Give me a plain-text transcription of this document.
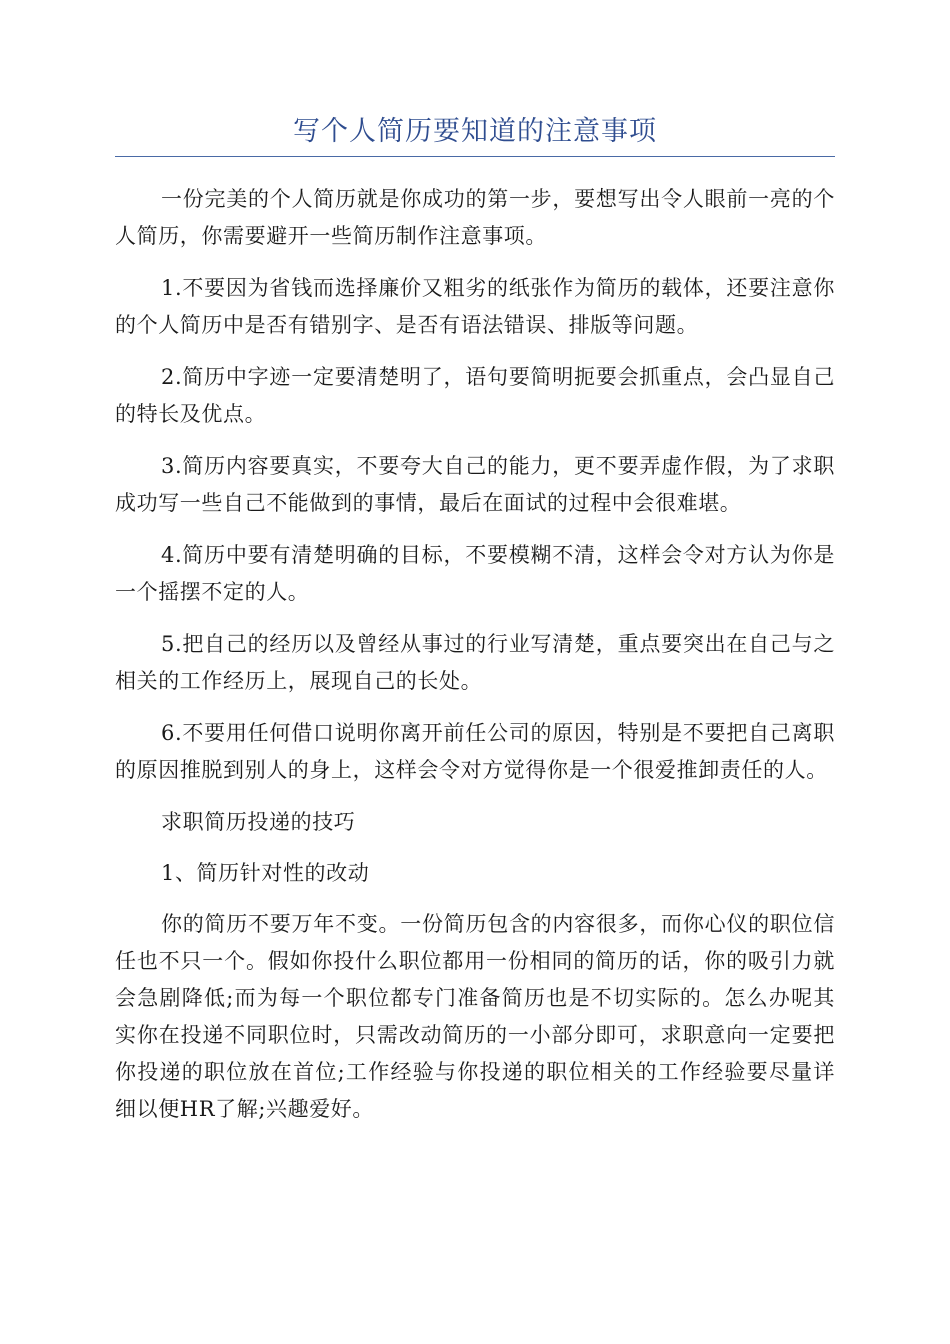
写个人简历要知道的注意事项

一份完美的个人简历就是你成功的第一步，要想写出令人眼前一亮的个人简历，你需要避开一些简历制作注意事项。

1.不要因为省钱而选择廉价又粗劣的纸张作为简历的载体，还要注意你的个人简历中是否有错别字、是否有语法错误、排版等问题。

2.简历中字迹一定要清楚明了，语句要简明扼要会抓重点，会凸显自己的特长及优点。

3.简历内容要真实，不要夸大自己的能力，更不要弄虚作假，为了求职成功写一些自己不能做到的事情，最后在面试的过程中会很难堪。

4.简历中要有清楚明确的目标，不要模糊不清，这样会令对方认为你是一个摇摆不定的人。

5.把自己的经历以及曾经从事过的行业写清楚，重点要突出在自己与之相关的工作经历上，展现自己的长处。

6.不要用任何借口说明你离开前任公司的原因，特别是不要把自己离职的原因推脱到别人的身上，这样会令对方觉得你是一个很爱推卸责任的人。

求职简历投递的技巧

1、简历针对性的改动

你的简历不要万年不变。一份简历包含的内容很多，而你心仪的职位信任也不只一个。假如你投什么职位都用一份相同的简历的话，你的吸引力就会急剧降低;而为每一个职位都专门准备简历也是不切实际的。怎么办呢其实你在投递不同职位时，只需改动简历的一小部分即可，求职意向一定要把你投递的职位放在首位;工作经验与你投递的职位相关的工作经验要尽量详细以便HR了解;兴趣爱好。
